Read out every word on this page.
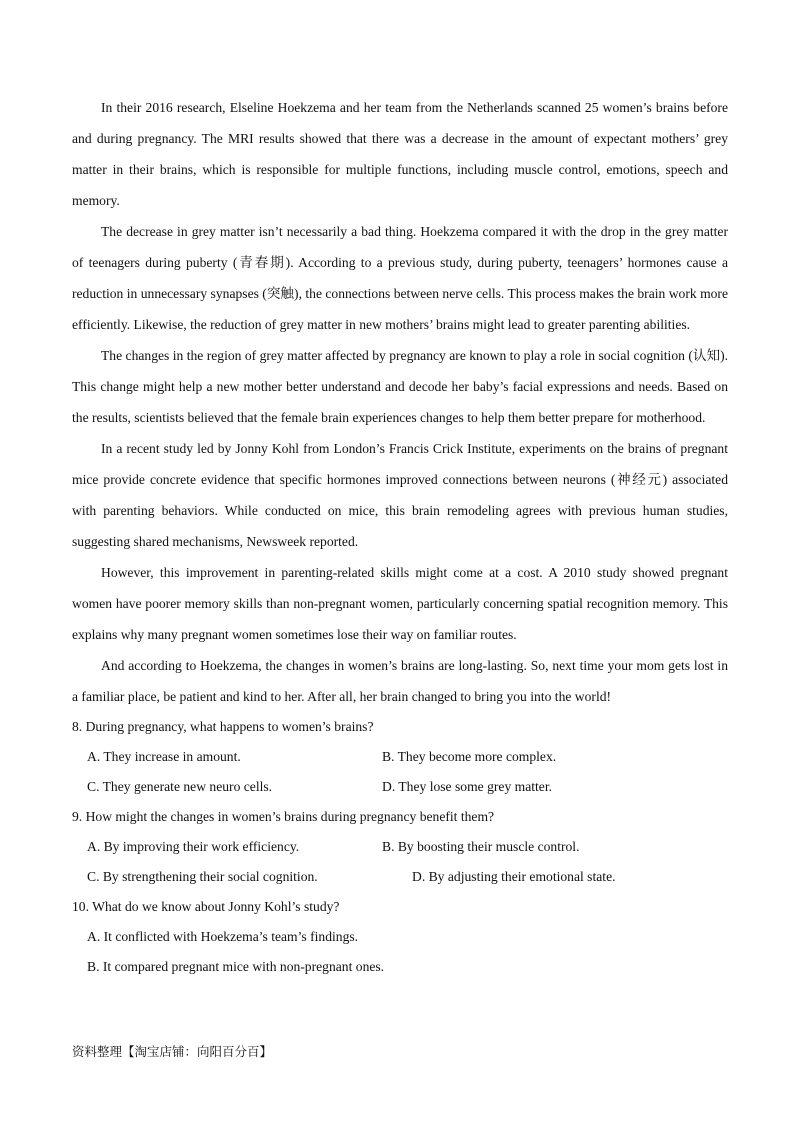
In their 2016 research, Elseline Hoekzema and her team from the Netherlands scanned 25 women’s brains before and during pregnancy. The MRI results showed that there was a decrease in the amount of expectant mothers’ grey matter in their brains, which is responsible for multiple functions, including muscle control, emotions, speech and memory.

The decrease in grey matter isn’t necessarily a bad thing. Hoekzema compared it with the drop in the grey matter of teenagers during puberty (青春期). According to a previous study, during puberty, teenagers’ hormones cause a reduction in unnecessary synapses (突触), the connections between nerve cells. This process makes the brain work more efficiently. Likewise, the reduction of grey matter in new mothers’ brains might lead to greater parenting abilities.

The changes in the region of grey matter affected by pregnancy are known to play a role in social cognition (认知). This change might help a new mother better understand and decode her baby’s facial expressions and needs. Based on the results, scientists believed that the female brain experiences changes to help them better prepare for motherhood.

In a recent study led by Jonny Kohl from London’s Francis Crick Institute, experiments on the brains of pregnant mice provide concrete evidence that specific hormones improved connections between neurons (神经元) associated with parenting behaviors. While conducted on mice, this brain remodeling agrees with previous human studies, suggesting shared mechanisms, Newsweek reported.

However, this improvement in parenting-related skills might come at a cost. A 2010 study showed pregnant women have poorer memory skills than non-pregnant women, particularly concerning spatial recognition memory. This explains why many pregnant women sometimes lose their way on familiar routes.

And according to Hoekzema, the changes in women’s brains are long-lasting. So, next time your mom gets lost in a familiar place, be patient and kind to her. After all, her brain changed to bring you into the world!

8. During pregnancy, what happens to women’s brains?

A. They increase in amount.	B. They become more complex.
C. They generate new neuro cells.	D. They lose some grey matter.

9. How might the changes in women’s brains during pregnancy benefit them?

A. By improving their work efficiency.	B. By boosting their muscle control.
C. By strengthening their social cognition.	D. By adjusting their emotional state.

10. What do we know about Jonny Kohl’s study?

A. It conflicted with Hoekzema’s team’s findings.
B. It compared pregnant mice with non-pregnant ones.
资料整理【淘宝店铺：向阳百分百】
